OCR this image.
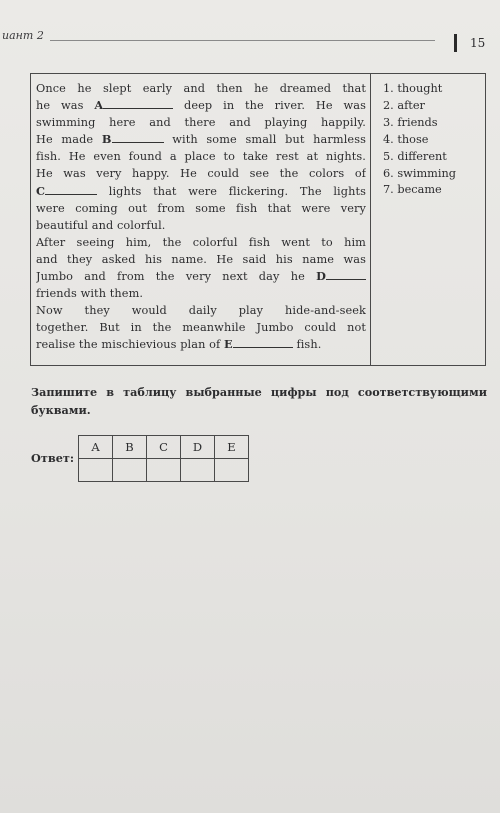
иант 2
15
Once he slept early and then he dreamed that
he was A	deep in the river. He was
swimming here and there and playing happily.
He made B	with some small but harmless
fish. He even found a place to take rest at nights.
He was very happy. He could see the colors of
C	lights that were flickering. The lights
were coming out from some fish that were very
beautiful and colorful.
After seeing him, the colorful fish went to him
and they asked his name. He said his name was
Jumbo and from the very next day he D
friends with them.
Now they would daily play hide-and-seek
together. But in the meanwhile Jumbo could not
realise the mischievious plan of E	fish.
1. thought
2. after
3. friends
4. those
5. different
6. swimming
7. became
Запишите в таблицу выбранные цифры под соответствующими буквами.
Ответ:
A	B	C	D	E
